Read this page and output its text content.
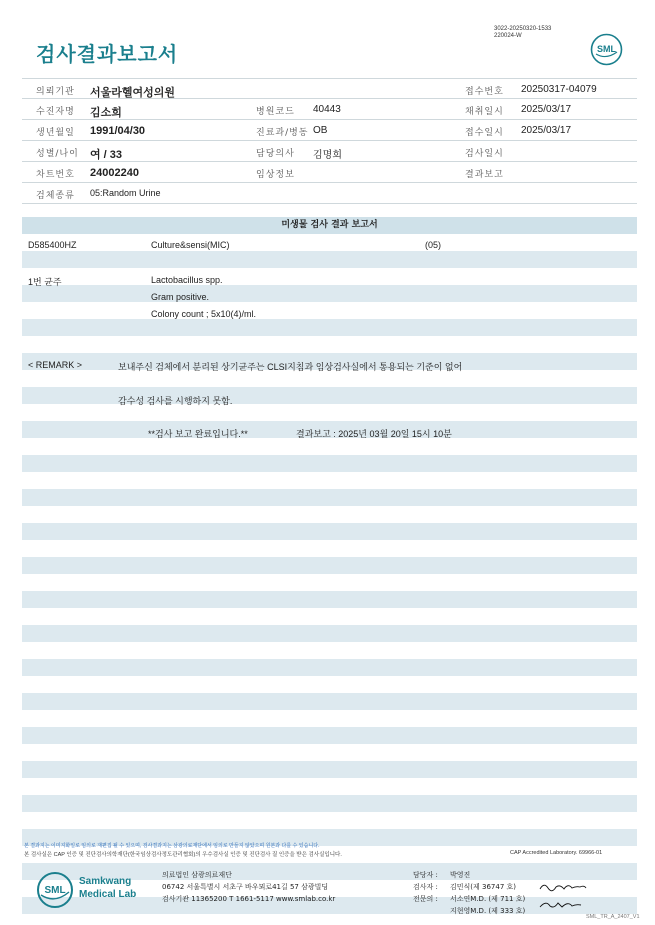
검사결과보고서
3022-20250320-1533
220024-W
SML
의뢰기관 서울라헬여성의원	접수번호 20250317-04079
수진자명 김소희	병원코드 40443	채취일시 2025/03/17
생년월일 1991/04/30	진료과/병동 OB	접수일시 2025/03/17
성별/나이 여 / 33	담당의사 김명희	검사일시
차트번호 24002240	임상정보	결과보고
검체종류 05:Random Urine
미생물 검사 결과 보고서
D585400HZ	Culture&sensi(MIC)	(05)
1번 균주	Lactobacillus spp.
Gram positive.
Colony count ; 5x10(4)/ml.
< REMARK >	보내주신 검체에서 분리된 상기균주는 CLSI지침과 임상검사실에서 통용되는 기준이 없어
감수성 검사를 시행하지 못함.
**검사 보고 완료입니다.**	결과보고 : 2025년 03월 20일 15시 10분
본 결과지는 이미지화일로 임의로 재편집 될 수 있으며, 검사결과지는 삼광의료재단에서 임의로 만들지 않았으며 원본과 다를 수 있습니다.
본 검사실은 CAP 인증 및 진단검사의학재단(한국임상검사정도관리협회)의 우수검사실 인증 및 진단검사 질 인증을 받은 검사실입니다.	CAP Accredited Laboratory. 69966-01
SML
Samkwang
Medical Lab
의료법인 삼광의료재단
06742 서울특별시 서초구 바우뫼로41길 57 삼광빌딩
검사기관 11365200 T 1661-5117 www.smlab.co.kr
담당자 : 박영진
검사자 : 김민식(제 36747 호)
전문의 : 서소연M.D. (제 711 호)
지현영M.D. (제 333 호)
SML_TR_A_2407_V1
